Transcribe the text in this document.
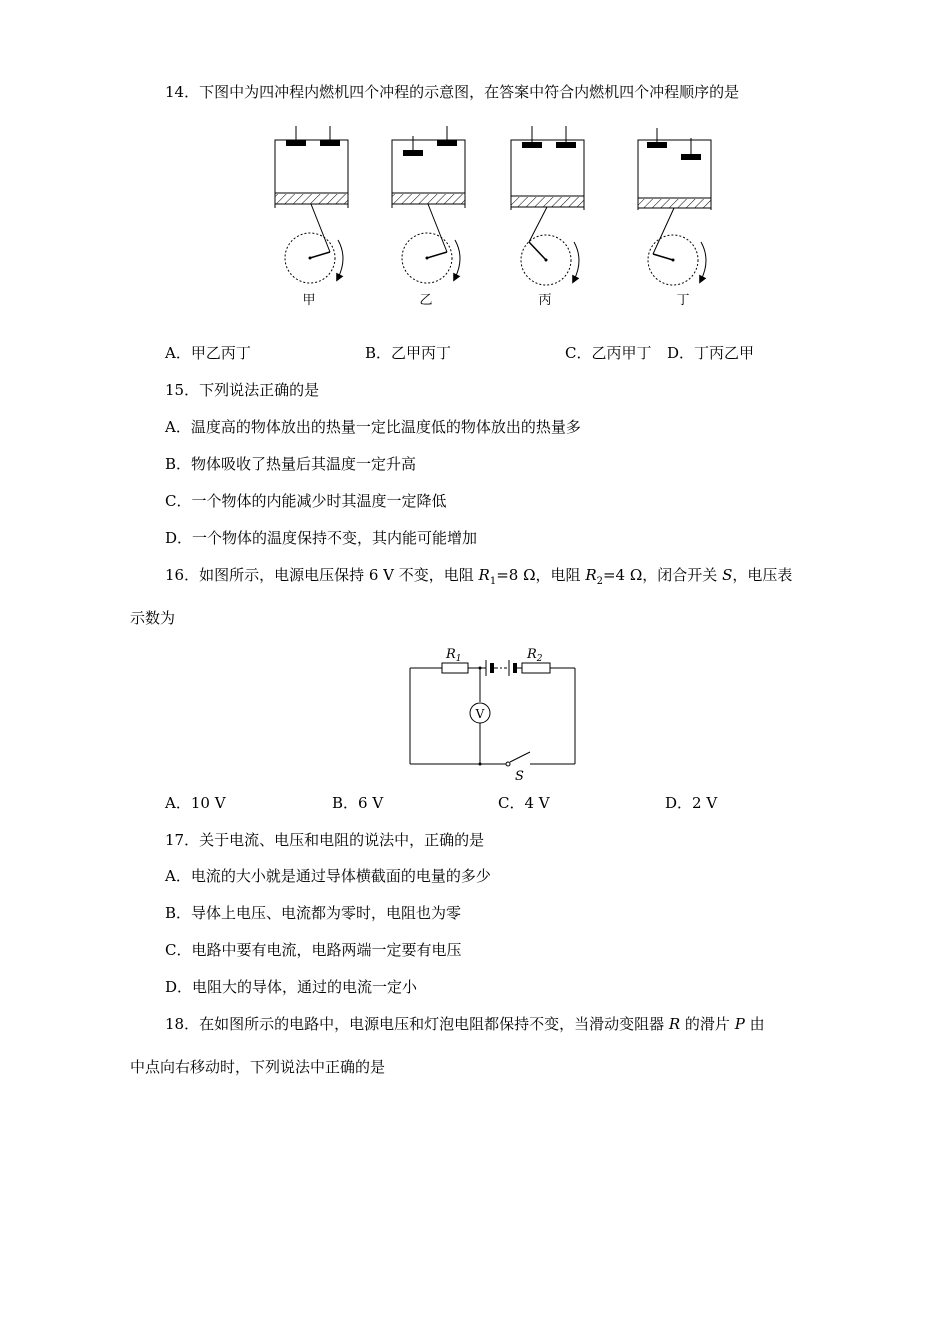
14．下图中为四冲程内燃机四个冲程的示意图，在答案中符合内燃机四个冲程顺序的是
甲	乙	丙	丁
A．甲乙丙丁	B．乙甲丙丁	C．乙丙甲丁 D．丁丙乙甲
15．下列说法正确的是
A．温度高的物体放出的热量一定比温度低的物体放出的热量多
B．物体吸收了热量后其温度一定升高
C．一个物体的内能减少时其温度一定降低
D．一个物体的温度保持不变，其内能可能增加
16．如图所示，电源电压保持 6 V 不变，电阻 $R_1=8$ Ω，电阻 $R_2=4$ Ω，闭合开关 S，电压表
示数为
V
$R_1$	$R_2$
S
A．10 V	B．6 V	C．4 V	D．2 V
17．关于电流、电压和电阻的说法中，正确的是
A．电流的大小就是通过导体横截面的电量的多少
B．导体上电压、电流都为零时，电阻也为零
C．电路中要有电流，电路两端一定要有电压
D．电阻大的导体，通过的电流一定小
18．在如图所示的电路中，电源电压和灯泡电阻都保持不变，当滑动变阻器 R 的滑片 P 由
中点向右移动时，下列说法中正确的是
